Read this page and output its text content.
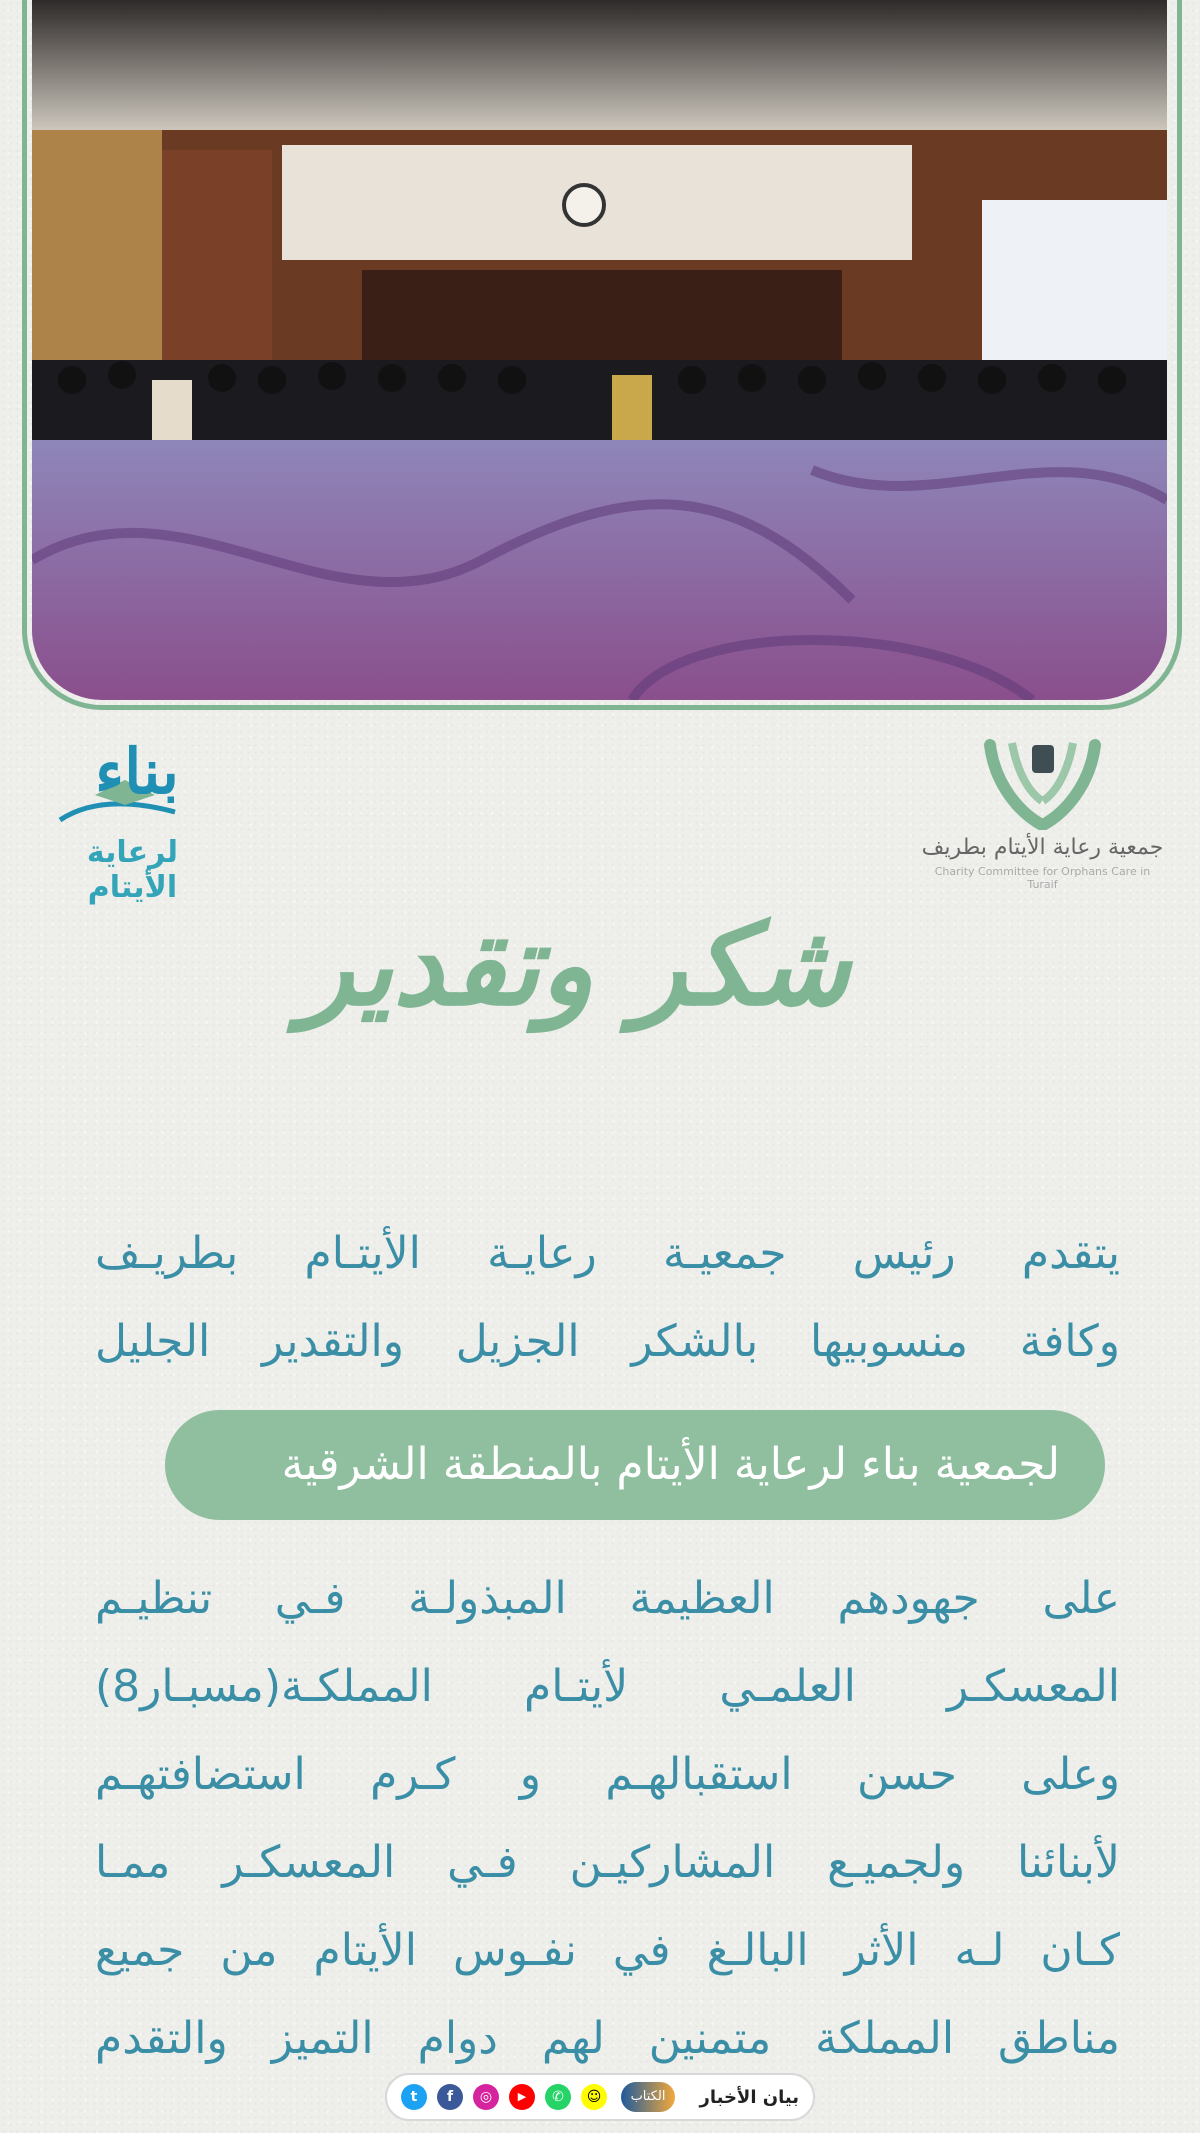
بناء
لرعاية الأيتام
جمعية رعاية الأيتام بطريف
Charity Committee for Orphans Care in Turaif
شكر وتقدير
يتقدم رئيس جمعيـة رعايـة الأيتـام بطريـف
وكافة منسوبيها بالشكر الجزيل والتقدير الجليل
لجمعية بناء لرعاية الأيتام بالمنطقة الشرقية
على جهودهم العظيمة المبذولـة فـي تنظيـم
المعسكـر العلمـي لأيتـام المملكـة(مسبـار8)
وعلى حسن استقبالهـم و كـرم استضافتهـم
لأبنائنا ولجميـع المشاركيـن فـي المعسكـر ممـا
كـان لـه الأثر البالـغ في نفـوس الأيتام من جميع
مناطق المملكة متمنين لهم دوام التميز والتقدم
t	f	◎	▶	✆	☺	الكتاب	بيان الأخبار
